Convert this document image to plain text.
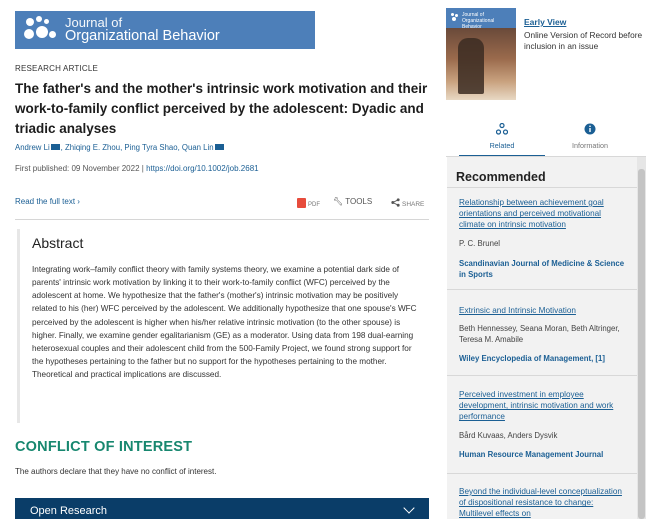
Journal of
Organizational Behavior
RESEARCH ARTICLE
The father's and the mother's intrinsic work motivation and their work-to-family conflict perceived by the adolescent: Dyadic and triadic analyses
Andrew Li , Zhiqing E. Zhou, Ping Tyra Shao, Quan Lin
First published: 09 November 2022 | https://doi.org/10.1002/job.2681
Read the full text ›	PDF 🔧︎ TOOLS	SHARE
Abstract

Integrating work–family conflict theory with family systems theory, we examine a potential dark side of parents' intrinsic work motivation by linking it to their work-to-family conflict (WFC) perceived by the adolescent at home. We hypothesize that the father's (mother's) intrinsic motivation may be positively related to his (her) WFC perceived by the adolescent. We additionally hypothesize that one spouse's WFC perceived by the adolescent is higher when his/her relative intrinsic motivation (to the other spouse) is higher. Finally, we examine gender egalitarianism (GE) as a moderator. Using data from 198 dual-earning heterosexual couples and their adolescent child from the 500-Family Project, we found strong support for the hypotheses pertaining to the father but no support for the hypotheses pertaining to the mother. Theoretical and practical implications are discussed.

CONFLICT OF INTEREST

The authors declare that they have no conflict of interest.

Open Research
Journal of
Organizational
Behavior	Early View
Online Version of Record before inclusion in an issue
Related	Information
Recommended
Relationship between achievement goal orientations and perceived motivational climate on intrinsic motivation
P. C. Brunel
Scandinavian Journal of Medicine & Science in Sports
Extrinsic and Intrinsic Motivation
Beth Hennessey, Seana Moran, Beth Altringer, Teresa M. Amabile
Wiley Encyclopedia of Management, [1]
Perceived investment in employee development, intrinsic motivation and work performance
Bård Kuvaas, Anders Dysvik
Human Resource Management Journal
Beyond the individual‐level conceptualization of dispositional resistance to change: Multilevel effects on
